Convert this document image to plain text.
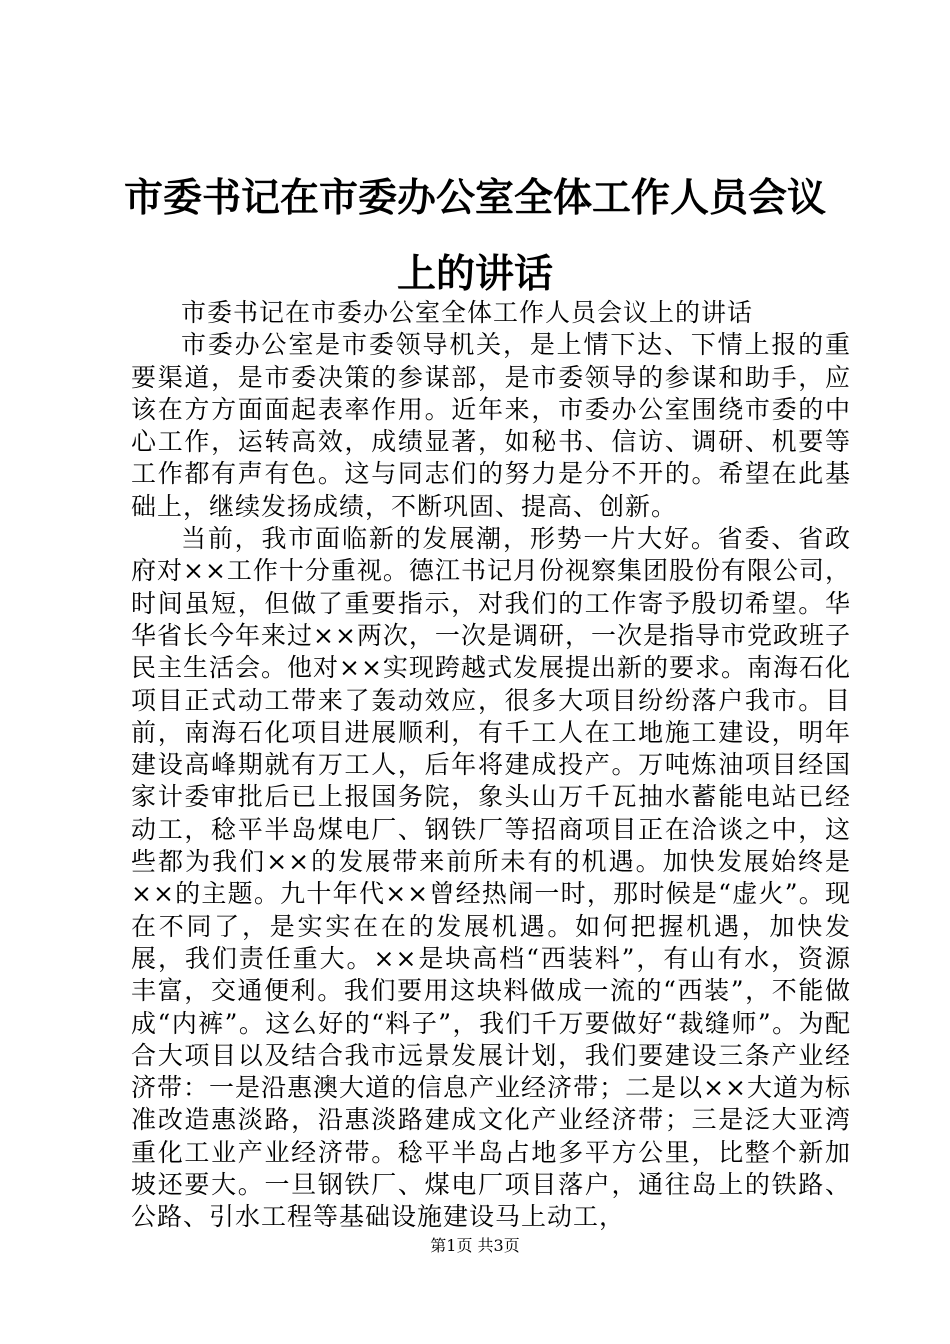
市委书记在市委办公室全体工作人员会议上的讲话

市委书记在市委办公室全体工作人员会议上的讲话

市委办公室是市委领导机关，是上情下达、下情上报的重要渠道，是市委决策的参谋部，是市委领导的参谋和助手，应该在方方面面起表率作用。近年来，市委办公室围绕市委的中心工作，运转高效，成绩显著，如秘书、信访、调研、机要等工作都有声有色。这与同志们的努力是分不开的。希望在此基础上，继续发扬成绩，不断巩固、提高、创新。

当前，我市面临新的发展潮，形势一片大好。省委、省政府对××工作十分重视。德江书记月份视察集团股份有限公司，时间虽短，但做了重要指示，对我们的工作寄予殷切希望。华华省长今年来过××两次，一次是调研，一次是指导市党政班子民主生活会。他对××实现跨越式发展提出新的要求。南海石化项目正式动工带来了轰动效应，很多大项目纷纷落户我市。目前，南海石化项目进展顺利，有千工人在工地施工建设，明年建设高峰期就有万工人，后年将建成投产。万吨炼油项目经国家计委审批后已上报国务院，象头山万千瓦抽水蓄能电站已经动工，稔平半岛煤电厂、钢铁厂等招商项目正在洽谈之中，这些都为我们××的发展带来前所未有的机遇。加快发展始终是××的主题。九十年代××曾经热闹一时，那时候是“虚火”。现在不同了，是实实在在的发展机遇。如何把握机遇，加快发展，我们责任重大。××是块高档“西装料”，有山有水，资源丰富，交通便利。我们要用这块料做成一流的“西装”，不能做成“内裤”。这么好的“料子”，我们千万要做好“裁缝师”。为配合大项目以及结合我市远景发展计划，我们要建设三条产业经济带：一是沿惠澳大道的信息产业经济带；二是以××大道为标准改造惠淡路，沿惠淡路建成文化产业经济带；三是泛大亚湾重化工业产业经济带。稔平半岛占地多平方公里，比整个新加坡还要大。一旦钢铁厂、煤电厂项目落户，通往岛上的铁路、公路、引水工程等基础设施建设马上动工，

第1页 共3页
